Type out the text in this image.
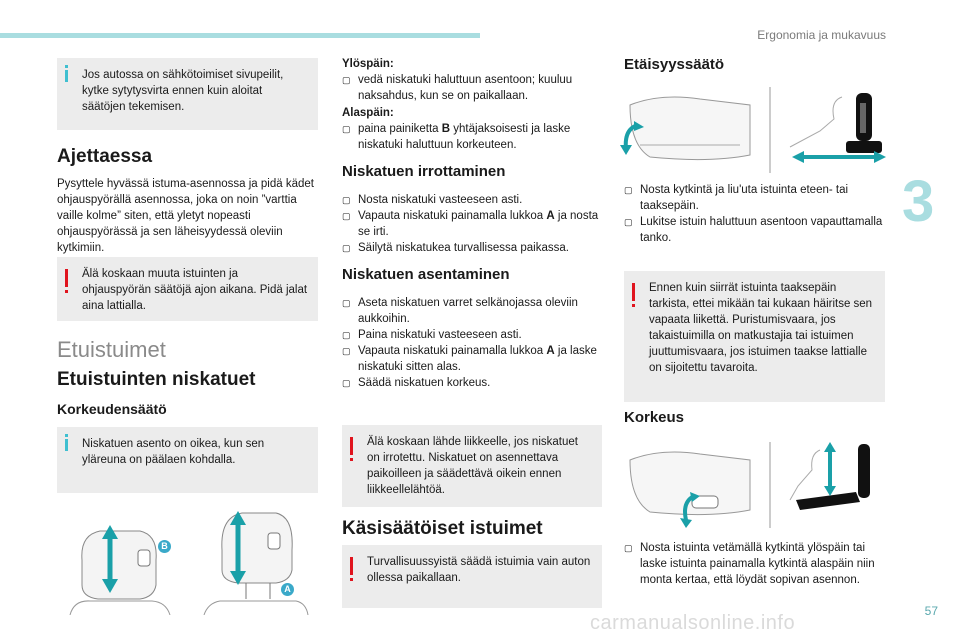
Ergonomia ja mukavuus
3
Jos autossa on sähkötoimiset sivupeilit, kytke sytytysvirta ennen kuin aloitat säätöjen tekemisen.
Ajettaessa
Pysyttele hyvässä istuma-asennossa ja pidä kädet ohjauspyörällä asennossa, joka on noin ”varttia vaille kolme” siten, että yletyt nopeasti ohjauspyörässä ja sen läheisyydessä oleviin kytkimiin.
Älä koskaan muuta istuinten ja ohjauspyörän säätöjä ajon aikana. Pidä jalat aina lattialla.
Etuistuimet
Etuistuinten niskatuet
Korkeudensäätö
Niskatuen asento on oikea, kun sen yläreuna on päälaen kohdalla.
B
A
Ylöspäin:
▢ vedä niskatuki haluttuun asentoon; kuuluu naksahdus, kun se on paikallaan.
Alaspäin:
▢ paina painiketta B yhtäjaksoisesti ja laske niskatuki haluttuun korkeuteen.
Niskatuen irrottaminen
▢ Nosta niskatuki vasteeseen asti.
▢ Vapauta niskatuki painamalla lukkoa A ja nosta se irti.
▢ Säilytä niskatukea turvallisessa paikassa.
Niskatuen asentaminen
▢ Aseta niskatuen varret selkänojassa oleviin aukkoihin.
▢ Paina niskatuki vasteeseen asti.
▢ Vapauta niskatuki painamalla lukkoa A ja laske niskatuki sitten alas.
▢ Säädä niskatuen korkeus.
Älä koskaan lähde liikkeelle, jos niskatuet on irrotettu. Niskatuet on asennettava paikoilleen ja säädettävä oikein ennen liikkeellelähtöä.
Käsisäätöiset istuimet
Turvallisuussyistä säädä istuimia vain auton ollessa paikallaan.
Etäisyyssäätö
▢ Nosta kytkintä ja liu'uta istuinta eteen- tai taaksepäin.
▢ Lukitse istuin haluttuun asentoon vapauttamalla tanko.
Ennen kuin siirrät istuinta taaksepäin tarkista, ettei mikään tai kukaan häiritse sen vapaata liikettä. Puristumisvaara, jos takaistuimilla on matkustajia tai istuimen juuttumisvaara, jos istuimen taakse lattialle on sijoitettu tavaroita.
Korkeus
▢ Nosta istuinta vetämällä kytkintä ylöspäin tai laske istuinta painamalla kytkintä alaspäin niin monta kertaa, että löydät sopivan asennon.
carmanualsonline.info
57
